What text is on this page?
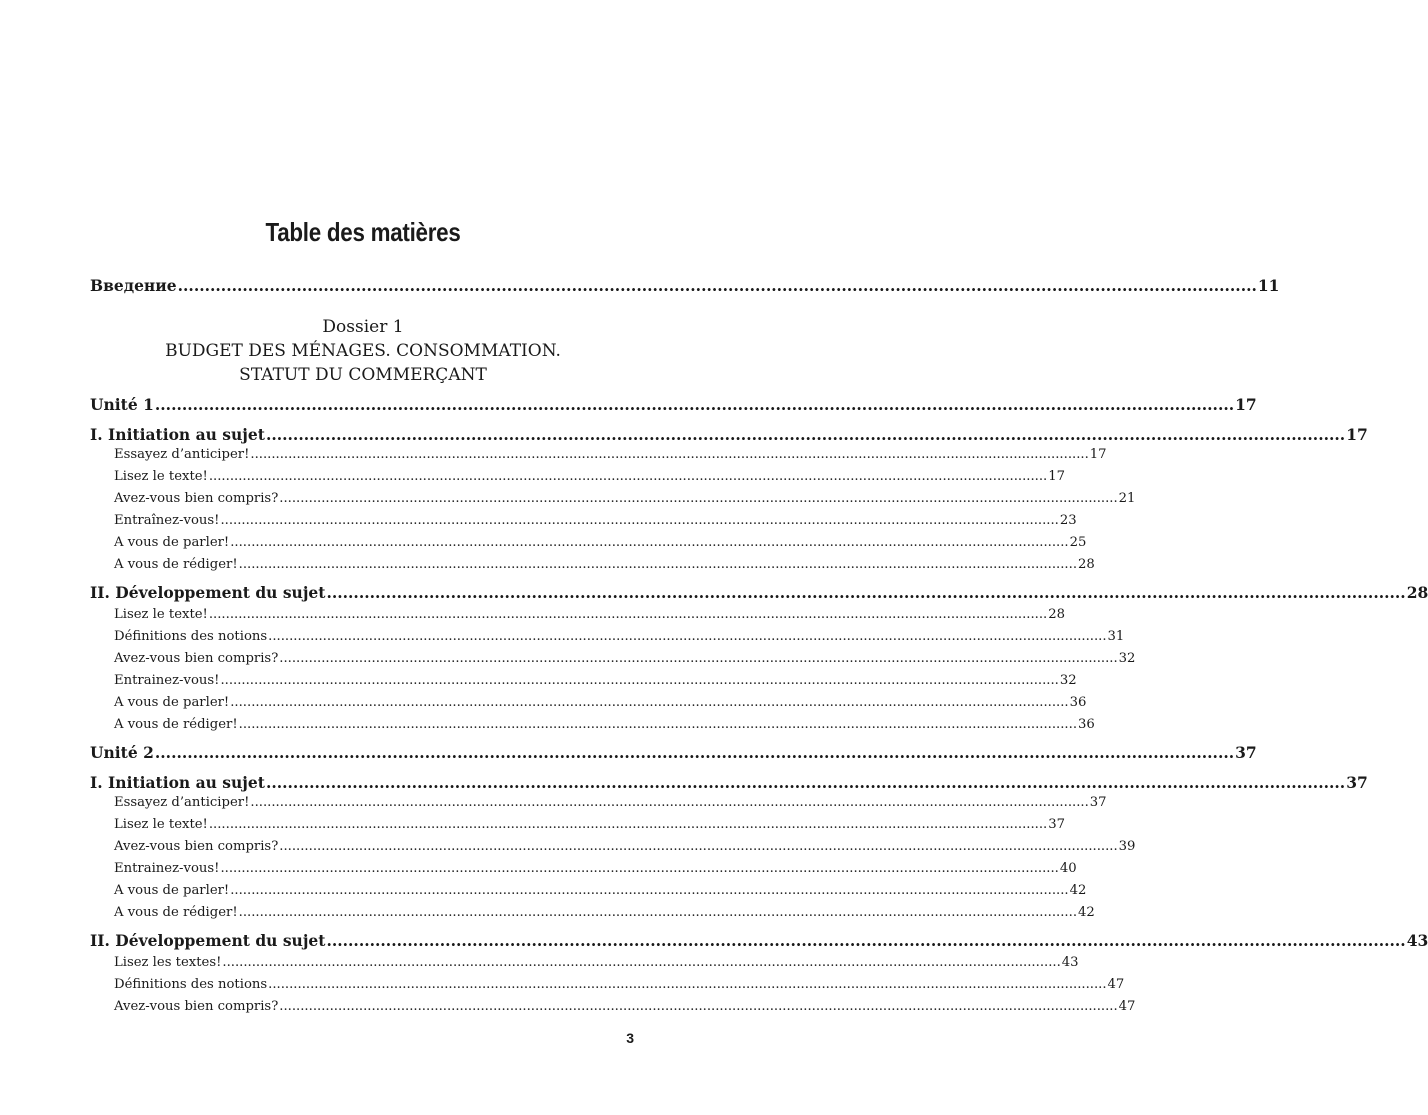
Table des matières
Введение ........................................................................................................................................................................................................ 11
Dossier 1
BUDGET DES MÉNAGES. CONSOMMATION.
STATUT DU COMMERÇANT
Unité 1 ........................................................................................................................................................................................................ 17
I. Initiation au sujet ........................................................................................................................................................................................................ 17
Essayez d’anticiper! ........................................................................................................................................................................................................ 17
Lisez le texte! ........................................................................................................................................................................................................ 17
Avez-vous bien compris? ........................................................................................................................................................................................................ 21
Entraînez-vous! ........................................................................................................................................................................................................ 23
A vous de parler! ........................................................................................................................................................................................................ 25
A vous de rédiger! ........................................................................................................................................................................................................ 28
II. Développement du sujet ........................................................................................................................................................................................................ 28
Lisez le texte! ........................................................................................................................................................................................................ 28
Définitions des notions ........................................................................................................................................................................................................ 31
Avez-vous bien compris? ........................................................................................................................................................................................................ 32
Entrainez-vous! ........................................................................................................................................................................................................ 32
A vous de parler! ........................................................................................................................................................................................................ 36
A vous de rédiger! ........................................................................................................................................................................................................ 36
Unité 2 ........................................................................................................................................................................................................ 37
I. Initiation au sujet ........................................................................................................................................................................................................ 37
Essayez d’anticiper! ........................................................................................................................................................................................................ 37
Lisez le texte! ........................................................................................................................................................................................................ 37
Avez-vous bien compris? ........................................................................................................................................................................................................ 39
Entrainez-vous! ........................................................................................................................................................................................................ 40
A vous de parler! ........................................................................................................................................................................................................ 42
A vous de rédiger! ........................................................................................................................................................................................................ 42
II. Développement du sujet ........................................................................................................................................................................................................ 43
Lisez les textes! ........................................................................................................................................................................................................ 43
Définitions des notions ........................................................................................................................................................................................................ 47
Avez-vous bien compris? ........................................................................................................................................................................................................ 47
3
